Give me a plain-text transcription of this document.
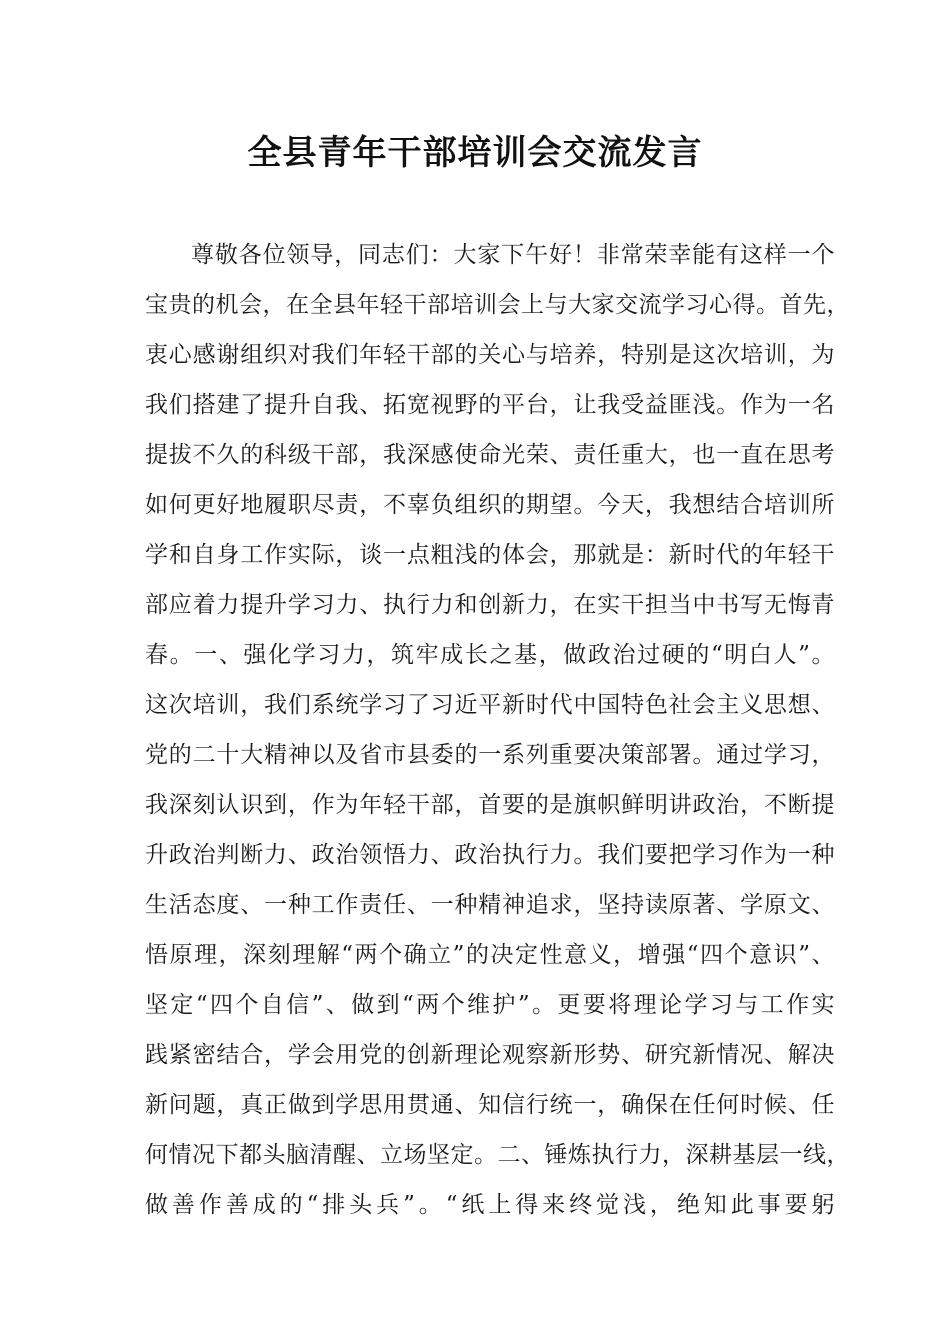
全县青年干部培训会交流发言
尊敬各位领导，同志们：大家下午好！非常荣幸能有这样一个
宝贵的机会，在全县年轻干部培训会上与大家交流学习心得。首先，
衷心感谢组织对我们年轻干部的关心与培养，特别是这次培训，为
我们搭建了提升自我、拓宽视野的平台，让我受益匪浅。作为一名
提拔不久的科级干部，我深感使命光荣、责任重大，也一直在思考
如何更好地履职尽责，不辜负组织的期望。今天，我想结合培训所
学和自身工作实际，谈一点粗浅的体会，那就是：新时代的年轻干
部应着力提升学习力、执行力和创新力，在实干担当中书写无悔青
春。一、强化学习力，筑牢成长之基，做政治过硬的“明白人”。
这次培训，我们系统学习了习近平新时代中国特色社会主义思想、
党的二十大精神以及省市县委的一系列重要决策部署。通过学习，
我深刻认识到，作为年轻干部，首要的是旗帜鲜明讲政治，不断提
升政治判断力、政治领悟力、政治执行力。我们要把学习作为一种
生活态度、一种工作责任、一种精神追求，坚持读原著、学原文、
悟原理，深刻理解“两个确立”的决定性意义，增强“四个意识”、
坚定“四个自信”、做到“两个维护”。更要将理论学习与工作实
践紧密结合，学会用党的创新理论观察新形势、研究新情况、解决
新问题，真正做到学思用贯通、知信行统一，确保在任何时候、任
何情况下都头脑清醒、立场坚定。二、锤炼执行力，深耕基层一线，
做善作善成的“排头兵”。“纸上得来终觉浅，绝知此事要躬
